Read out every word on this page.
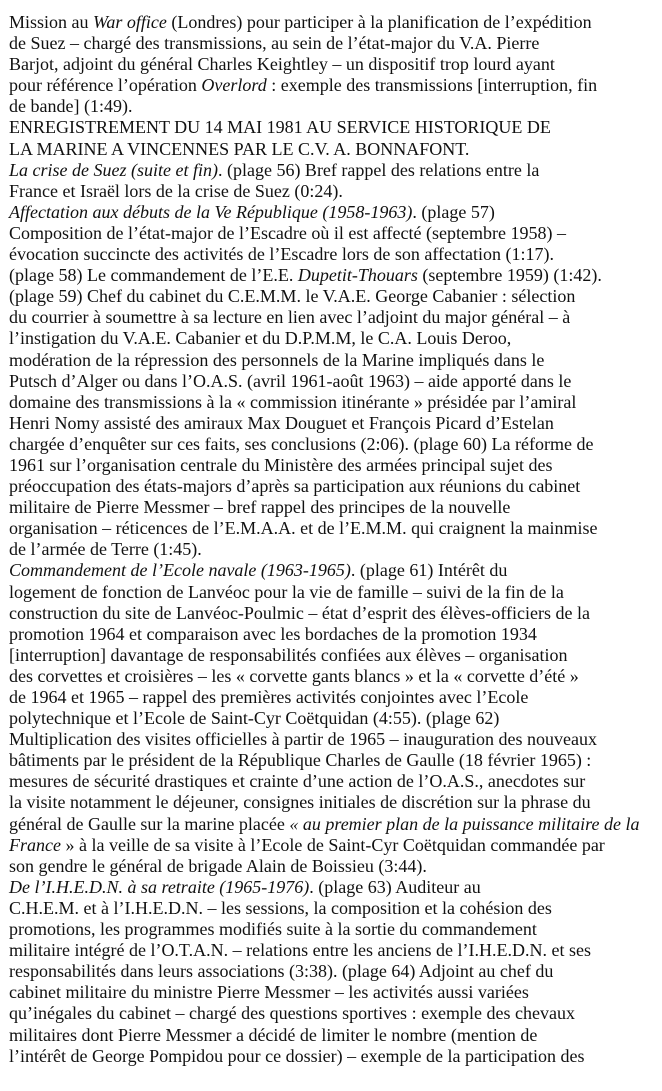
Mission au War office (Londres) pour participer à la planification de l’expédition
de Suez – chargé des transmissions, au sein de l’état-major du V.A. Pierre
Barjot, adjoint du général Charles Keightley – un dispositif trop lourd ayant
pour référence l’opération Overlord : exemple des transmissions [interruption, fin
de bande] (1:49).
ENREGISTREMENT DU 14 MAI 1981 AU SERVICE HISTORIQUE DE
LA MARINE A VINCENNES PAR LE C.V. A. BONNAFONT.
La crise de Suez (suite et fin). (plage 56) Bref rappel des relations entre la
France et Israël lors de la crise de Suez (0:24).
Affectation aux débuts de la Ve République (1958-1963). (plage 57)
Composition de l’état-major de l’Escadre où il est affecté (septembre 1958) –
évocation succincte des activités de l’Escadre lors de son affectation (1:17).
(plage 58) Le commandement de l’E.E. Dupetit-Thouars (septembre 1959) (1:42).
(plage 59) Chef du cabinet du C.E.M.M. le V.A.E. George Cabanier : sélection
du courrier à soumettre à sa lecture en lien avec l’adjoint du major général – à
l’instigation du V.A.E. Cabanier et du D.P.M.M, le C.A. Louis Deroo,
modération de la répression des personnels de la Marine impliqués dans le
Putsch d’Alger ou dans l’O.A.S. (avril 1961-août 1963) – aide apporté dans le
domaine des transmissions à la « commission itinérante » présidée par l’amiral
Henri Nomy assisté des amiraux Max Douguet et François Picard d’Estelan
chargée d’enquêter sur ces faits, ses conclusions (2:06). (plage 60) La réforme de
1961 sur l’organisation centrale du Ministère des armées principal sujet des
préoccupation des états-majors d’après sa participation aux réunions du cabinet
militaire de Pierre Messmer – bref rappel des principes de la nouvelle
organisation – réticences de l’E.M.A.A. et de l’E.M.M. qui craignent la mainmise
de l’armée de Terre (1:45).
Commandement de l’Ecole navale (1963-1965). (plage 61) Intérêt du
logement de fonction de Lanvéoc pour la vie de famille – suivi de la fin de la
construction du site de Lanvéoc-Poulmic – état d’esprit des élèves-officiers de la
promotion 1964 et comparaison avec les bordaches de la promotion 1934
[interruption] davantage de responsabilités confiées aux élèves – organisation
des corvettes et croisières – les « corvette gants blancs » et la « corvette d’été »
de 1964 et 1965 – rappel des premières activités conjointes avec l’Ecole
polytechnique et l’Ecole de Saint-Cyr Coëtquidan (4:55). (plage 62)
Multiplication des visites officielles à partir de 1965 – inauguration des nouveaux
bâtiments par le président de la République Charles de Gaulle (18 février 1965) :
mesures de sécurité drastiques et crainte d’une action de l’O.A.S., anecdotes sur
la visite notamment le déjeuner, consignes initiales de discrétion sur la phrase du
général de Gaulle sur la marine placée « au premier plan de la puissance militaire de la
France » à la veille de sa visite à l’Ecole de Saint-Cyr Coëtquidan commandée par
son gendre le général de brigade Alain de Boissieu (3:44).
De l’I.H.E.D.N. à sa retraite (1965-1976). (plage 63) Auditeur au
C.H.E.M. et à l’I.H.E.D.N. – les sessions, la composition et la cohésion des
promotions, les programmes modifiés suite à la sortie du commandement
militaire intégré de l’O.T.A.N. – relations entre les anciens de l’I.H.E.D.N. et ses
responsabilités dans leurs associations (3:38). (plage 64) Adjoint au chef du
cabinet militaire du ministre Pierre Messmer – les activités aussi variées
qu’inégales du cabinet – chargé des questions sportives : exemple des chevaux
militaires dont Pierre Messmer a décidé de limiter le nombre (mention de
l’intérêt de George Pompidou pour ce dossier) – exemple de la participation des
